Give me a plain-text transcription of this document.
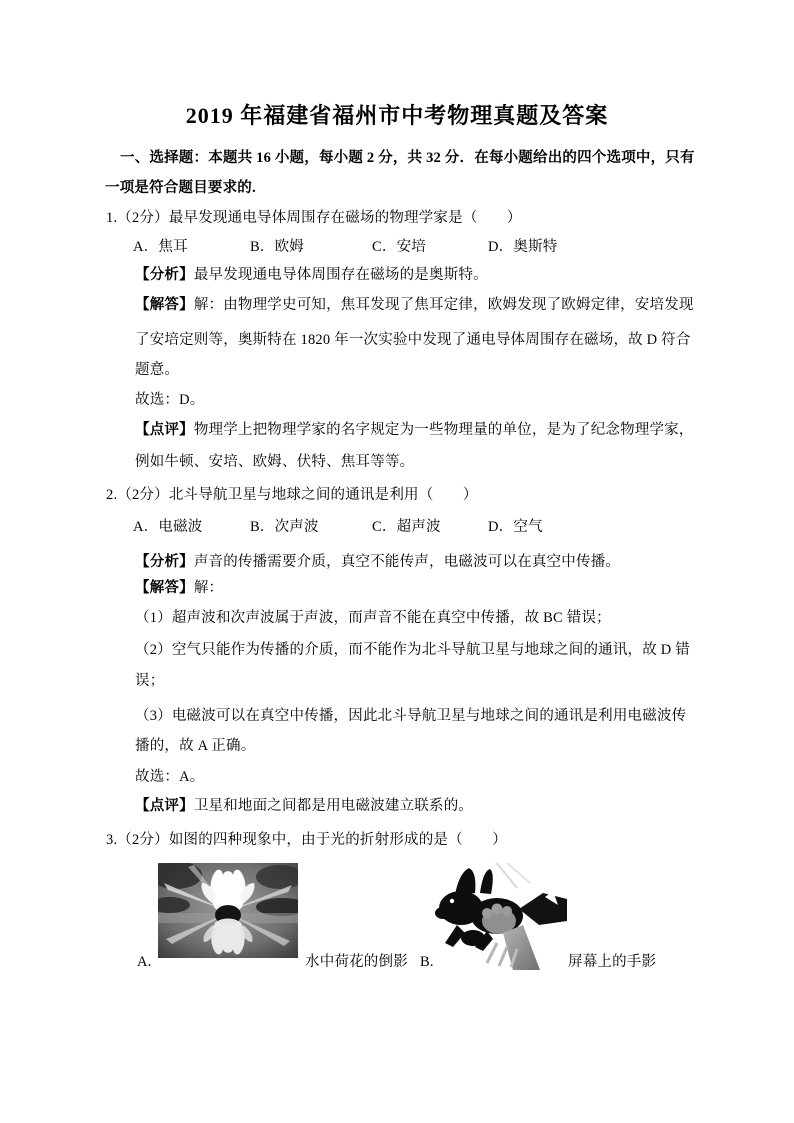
2019 年福建省福州市中考物理真题及答案
一、选择题：本题共 16 小题，每小题 2 分，共 32 分．在每小题给出的四个选项中，只有
一项是符合题目要求的.
1.（2分）最早发现通电导体周围存在磁场的物理学家是（　　）
A．焦耳	B．欧姆	C．安培	D．奥斯特
【分析】最早发现通电导体周围存在磁场的是奥斯特。
【解答】解：由物理学史可知，焦耳发现了焦耳定律，欧姆发现了欧姆定律，安培发现
了安培定则等，奥斯特在 1820 年一次实验中发现了通电导体周围存在磁场，故 D 符合
题意。
故选：D。
【点评】物理学上把物理学家的名字规定为一些物理量的单位，是为了纪念物理学家，
例如牛顿、安培、欧姆、伏特、焦耳等等。
2.（2分）北斗导航卫星与地球之间的通讯是利用（　　）
A．电磁波	B．次声波	C．超声波	D．空气
【分析】声音的传播需要介质，真空不能传声，电磁波可以在真空中传播。
【解答】解：
（1）超声波和次声波属于声波，而声音不能在真空中传播，故 BC 错误；
（2）空气只能作为传播的介质，而不能作为北斗导航卫星与地球之间的通讯，故 D 错
误；
（3）电磁波可以在真空中传播，因此北斗导航卫星与地球之间的通讯是利用电磁波传
播的，故 A 正确。
故选：A。
【点评】卫星和地面之间都是用电磁波建立联系的。
3.（2分）如图的四种现象中，由于光的折射形成的是（　　）
A.	水中荷花的倒影 B.	屏幕上的手影
